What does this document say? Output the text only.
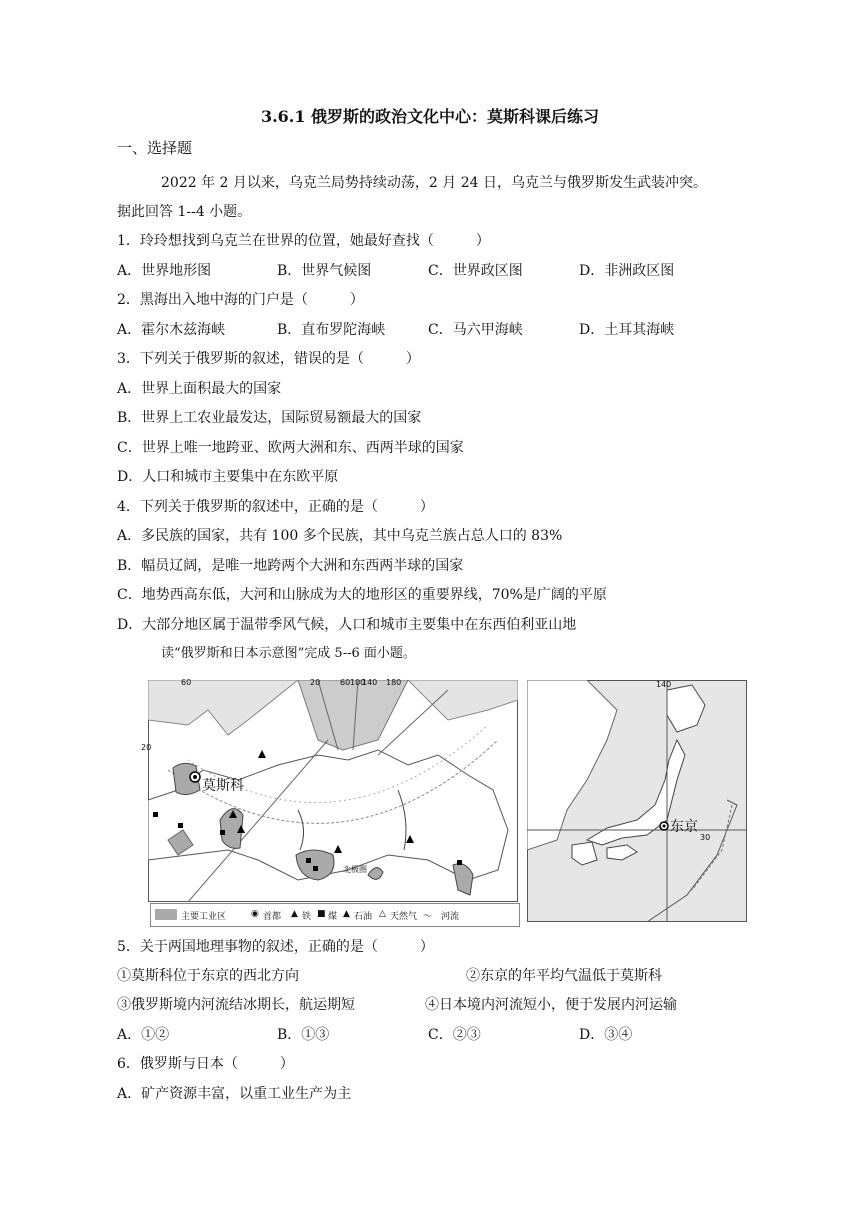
3.6.1 俄罗斯的政治文化中心：莫斯科课后练习
一、选择题
2022 年 2 月以来，乌克兰局势持续动荡，2 月 24 日，乌克兰与俄罗斯发生武装冲突。
据此回答 1--4 小题。
1．玲玲想找到乌克兰在世界的位置，她最好查找（　　　）
A．世界地形图	B．世界气候图	C．世界政区图	D．非洲政区图
2．黑海出入地中海的门户是（　　　）
A．霍尔木兹海峡	B．直布罗陀海峡	C．马六甲海峡	D．土耳其海峡
3．下列关于俄罗斯的叙述，错误的是（　　　）
A．世界上面积最大的国家
B．世界上工农业最发达，国际贸易额最大的国家
C．世界上唯一地跨亚、欧两大洲和东、西两半球的国家
D．人口和城市主要集中在东欧平原
4．下列关于俄罗斯的叙述中，正确的是（　　　）
A．多民族的国家，共有 100 多个民族，其中乌克兰族占总人口的 83%
B．幅员辽阔，是唯一地跨两个大洲和东西两半球的国家
C．地势西高东低，大河和山脉成为大的地形区的重要界线，70%是广阔的平原
D．大部分地区属于温带季风气候，人口和城市主要集中在东西伯利亚山地
读“俄罗斯和日本示意图”完成 5--6 面小题。
莫斯科
北极圈
60	20 60 100
140 180
20
主要工业区	◉ 首都 ▲ 铁 ■ 煤 ▲ 石油 △ 天然气 ～ 河流
东京
140
30
5．关于两国地理事物的叙述，正确的是（　　　）
①莫斯科位于东京的西北方向	②东京的年平均气温低于莫斯科
③俄罗斯境内河流结冰期长，航运期短	④日本境内河流短小，便于发展内河运输
A．①②	B．①③	C．②③	D．③④
6．俄罗斯与日本（　　　）
A．矿产资源丰富，以重工业生产为主
